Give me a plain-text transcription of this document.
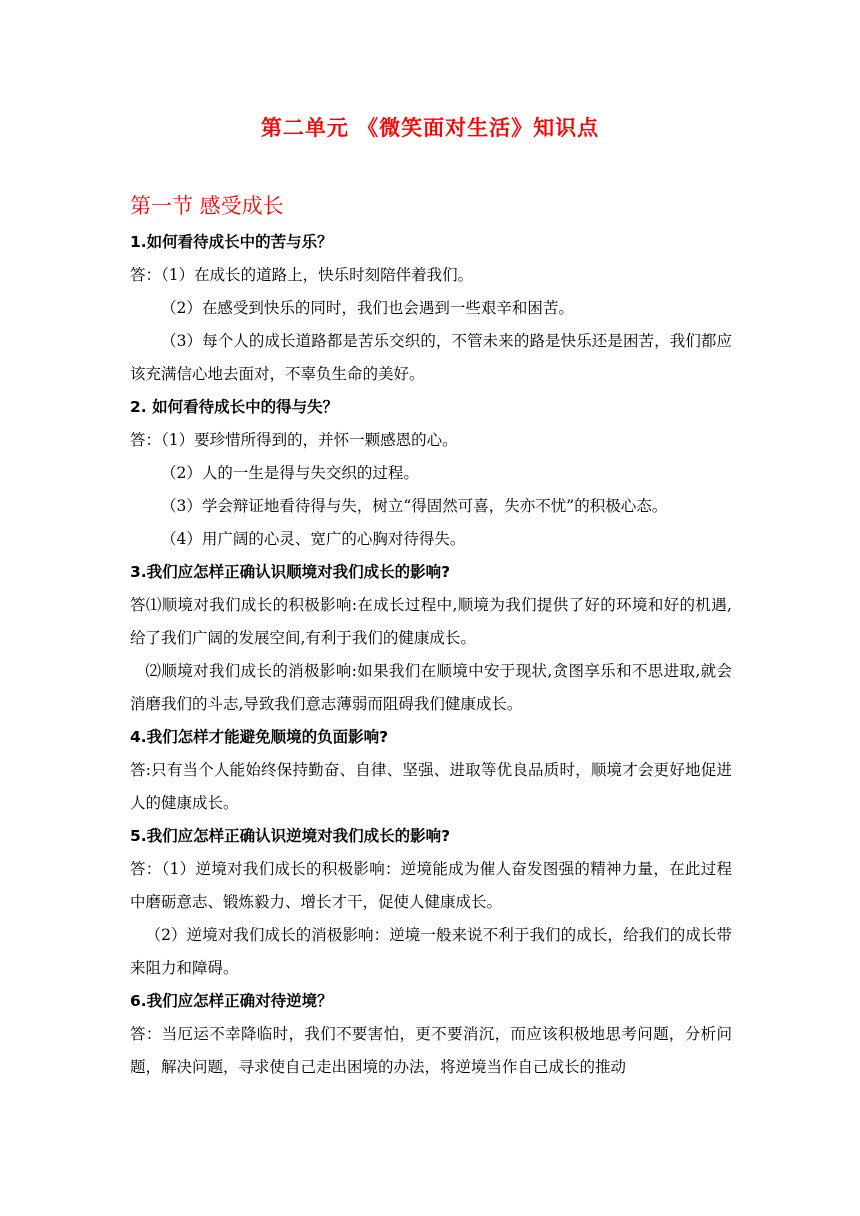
第二单元 《微笑面对生活》知识点
第一节 感受成长
1.如何看待成长中的苦与乐？
答：（1）在成长的道路上，快乐时刻陪伴着我们。
（2）在感受到快乐的同时，我们也会遇到一些艰辛和困苦。
（3）每个人的成长道路都是苦乐交织的，不管未来的路是快乐还是困苦，我们都应该充满信心地去面对，不辜负生命的美好。
2. 如何看待成长中的得与失？
答：（1）要珍惜所得到的，并怀一颗感恩的心。
（2）人的一生是得与失交织的过程。
（3）学会辩证地看待得与失，树立“得固然可喜，失亦不忧”的积极心态。
（4）用广阔的心灵、宽广的心胸对待得失。
3.我们应怎样正确认识顺境对我们成长的影响?
答⑴顺境对我们成长的积极影响:在成长过程中,顺境为我们提供了好的环境和好的机遇,给了我们广阔的发展空间,有利于我们的健康成长。
⑵顺境对我们成长的消极影响:如果我们在顺境中安于现状,贪图享乐和不思进取,就会消磨我们的斗志,导致我们意志薄弱而阻碍我们健康成长。
4.我们怎样才能避免顺境的负面影响?
答:只有当个人能始终保持勤奋、自律、坚强、进取等优良品质时，顺境才会更好地促进人的健康成长。
5.我们应怎样正确认识逆境对我们成长的影响?
答：（1）逆境对我们成长的积极影响：逆境能成为催人奋发图强的精神力量，在此过程中磨砺意志、锻炼毅力、增长才干，促使人健康成长。
（2）逆境对我们成长的消极影响：逆境一般来说不利于我们的成长，给我们的成长带来阻力和障碍。
6.我们应怎样正确对待逆境？
答：当厄运不幸降临时，我们不要害怕，更不要消沉，而应该积极地思考问题，分析问题，解决问题，寻求使自己走出困境的办法，将逆境当作自己成长的推动
